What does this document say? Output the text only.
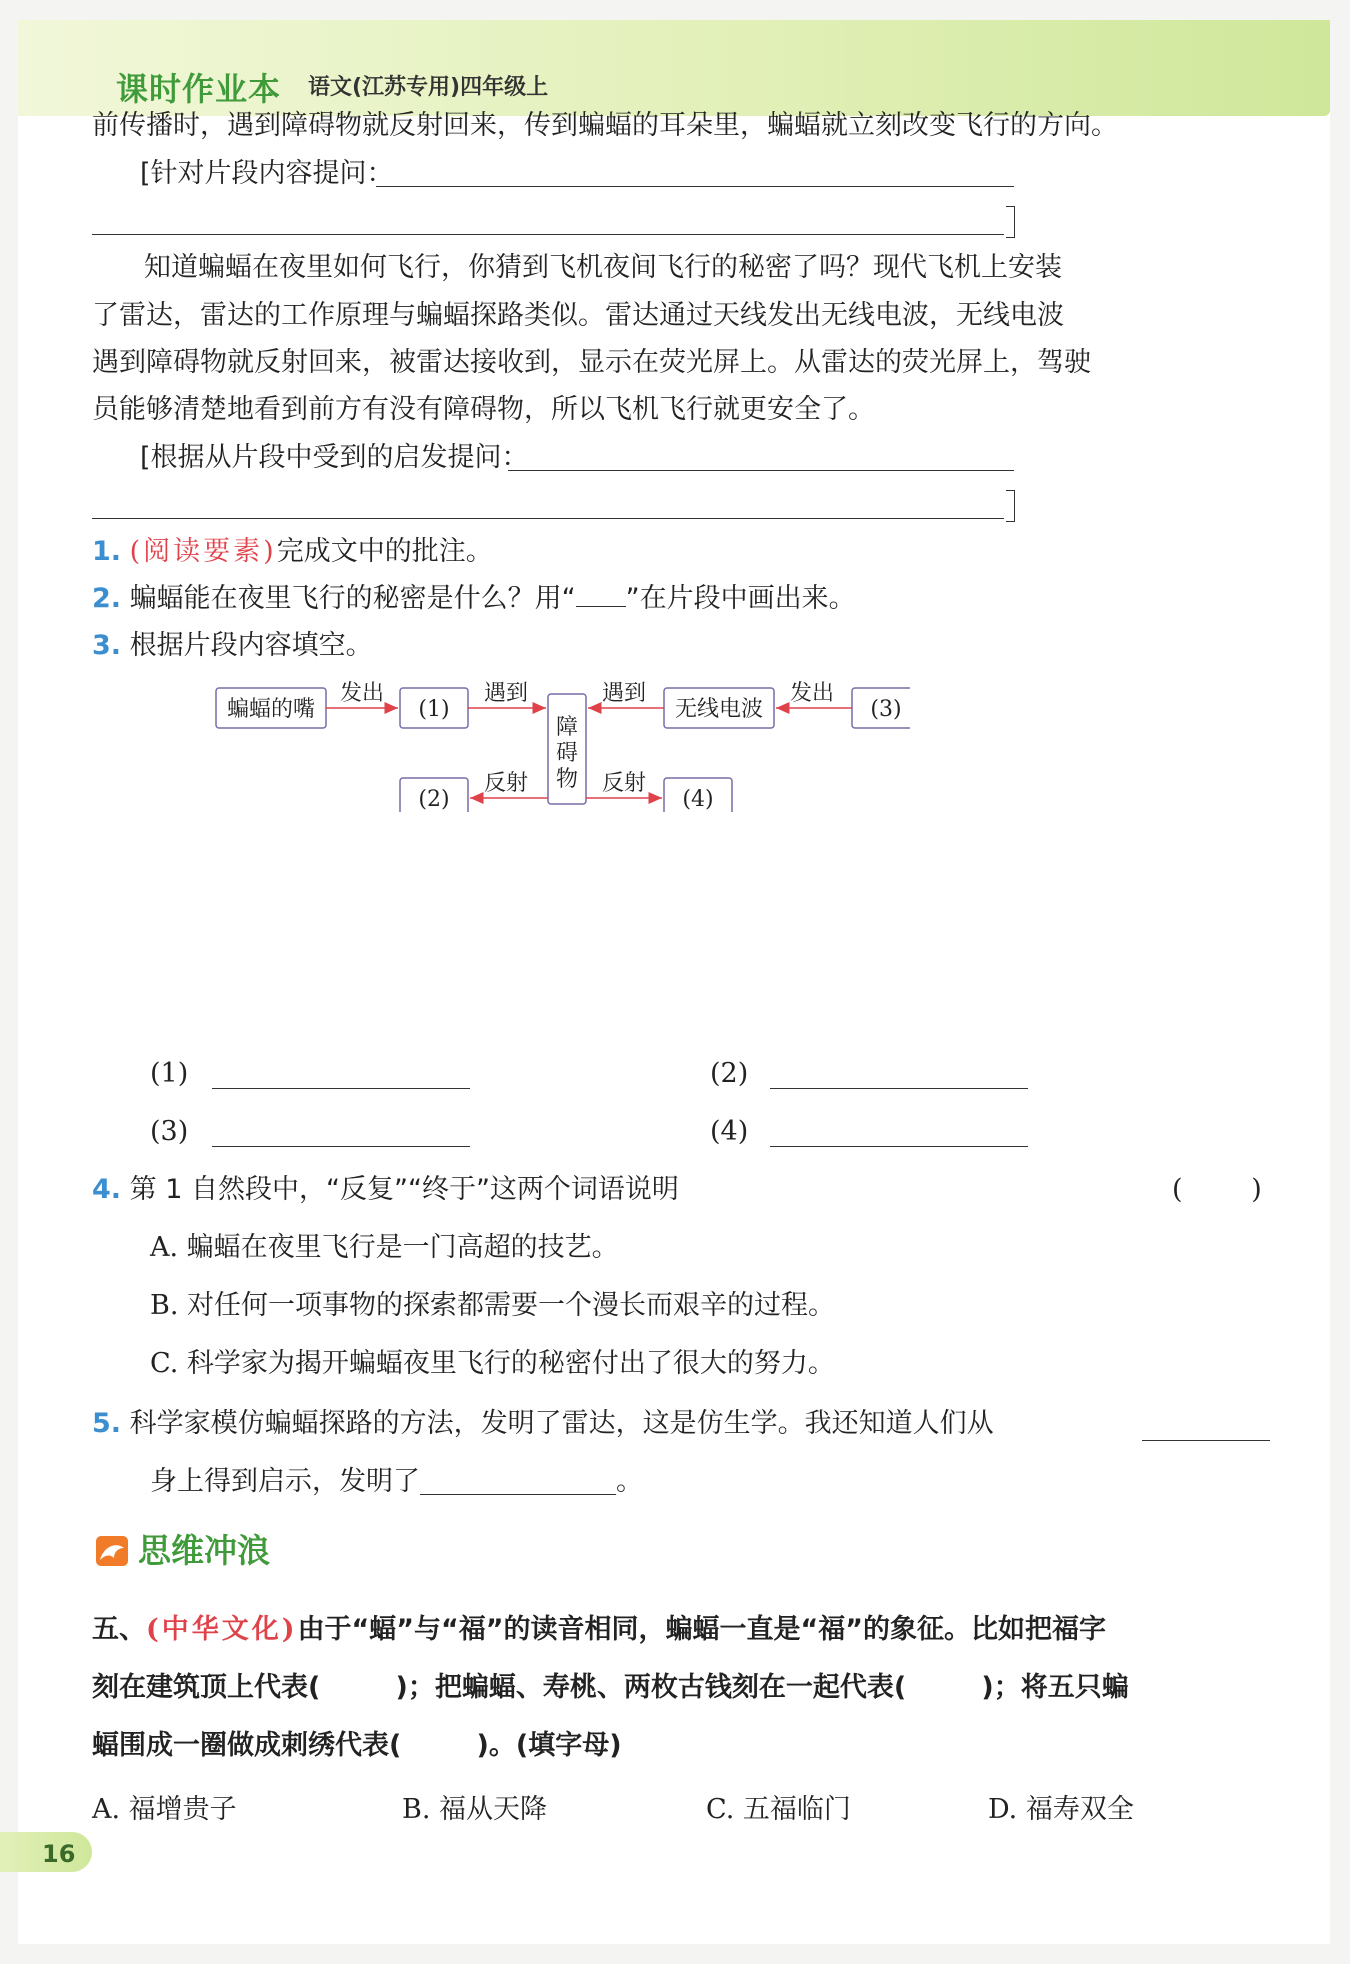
课时作业本 语文(江苏专用)四年级上
前传播时，遇到障碍物就反射回来，传到蝙蝠的耳朵里，蝙蝠就立刻改变飞行的方向。
[针对片段内容提问：
知道蝙蝠在夜里如何飞行，你猜到飞机夜间飞行的秘密了吗？现代飞机上安装
了雷达，雷达的工作原理与蝙蝠探路类似。雷达通过天线发出无线电波，无线电波
遇到障碍物就反射回来，被雷达接收到，显示在荧光屏上。从雷达的荧光屏上，驾驶
员能够清楚地看到前方有没有障碍物，所以飞机飞行就更安全了。
[根据从片段中受到的启发提问：
1. (阅读要素)完成文中的批注。
2. 蝙蝠能在夜里飞行的秘密是什么？用“ ”在片段中画出来。
3. 根据片段内容填空。
蝙蝠的嘴	(1)
障
碍
物
无线电波	(3)
(2)	(4)
发出	遇到	遇到	发出
反射	反射
(1)	(2)
(3)	(4)
4. 第 1 自然段中，“反复”“终于”这两个词语说明	(        )
A. 蝙蝠在夜里飞行是一门高超的技艺。
B. 对任何一项事物的探索都需要一个漫长而艰辛的过程。
C. 科学家为揭开蝙蝠夜里飞行的秘密付出了很大的努力。
5. 科学家模仿蝙蝠探路的方法，发明了雷达，这是仿生学。我还知道人们从
身上得到启示，发明了	。
思维冲浪
五、(中华文化)由于“蝠”与“福”的读音相同，蝙蝠一直是“福”的象征。比如把福字
刻在建筑顶上代表(        )；把蝙蝠、寿桃、两枚古钱刻在一起代表(        )；将五只蝙
蝠围成一圈做成刺绣代表(        )。(填字母)
A. 福增贵子	B. 福从天降	C. 五福临门	D. 福寿双全
16
